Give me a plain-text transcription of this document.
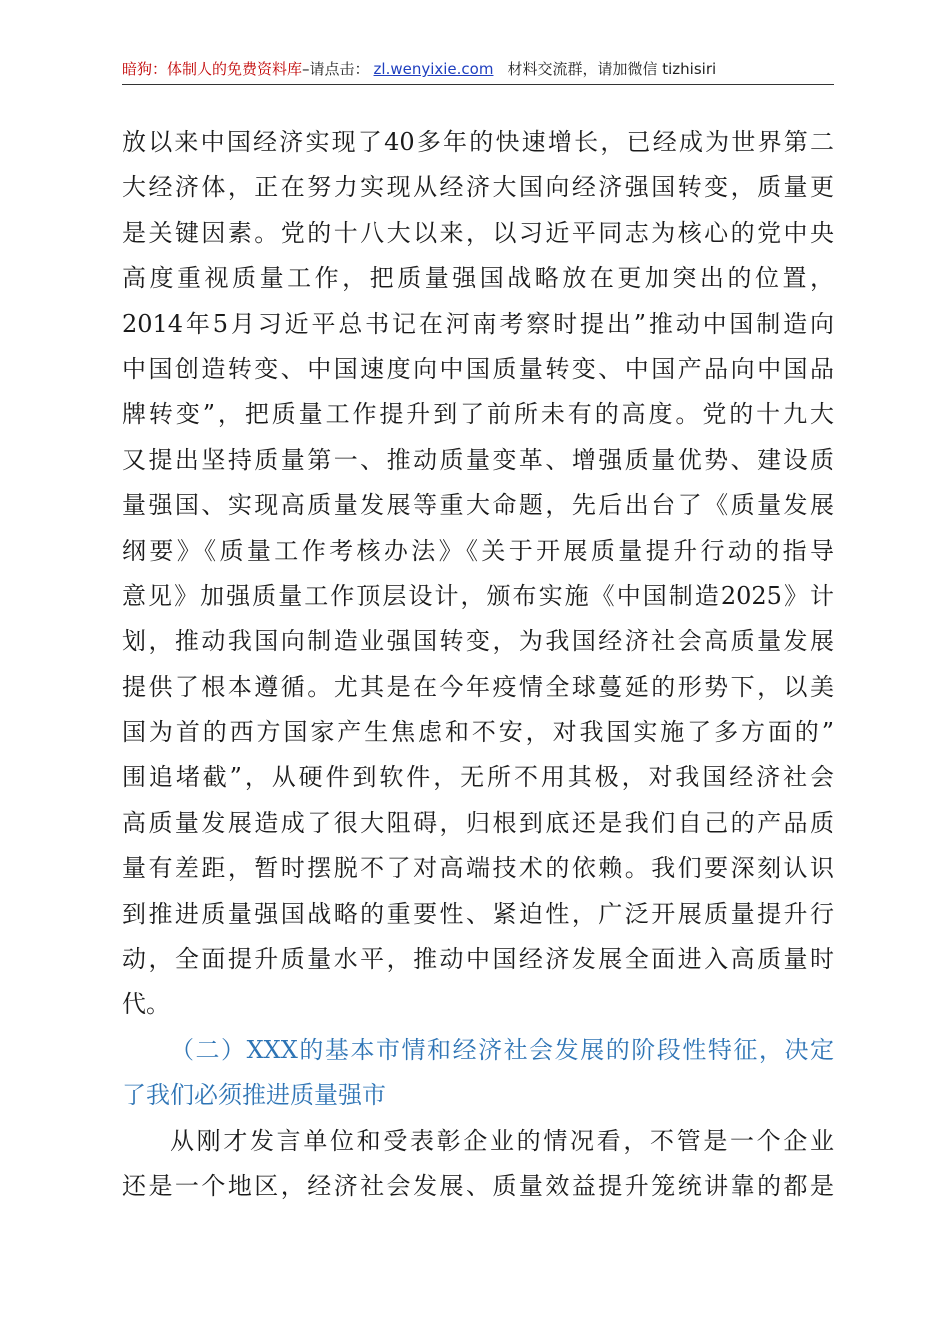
暗狗：体制人的免费资料库–请点击： zl.wenyixie.com 材料交流群，请加微信 tizhisiri
放以来中国经济实现了40多年的快速增长，已经成为世界第二
大经济体，正在努力实现从经济大国向经济强国转变，质量更
是关键因素。党的十八大以来，以习近平同志为核心的党中央
高度重视质量工作，把质量强国战略放在更加突出的位置，
2014年5月习近平总书记在河南考察时提出”推动中国制造向
中国创造转变、中国速度向中国质量转变、中国产品向中国品
牌转变”，把质量工作提升到了前所未有的高度。党的十九大
又提出坚持质量第一、推动质量变革、增强质量优势、建设质
量强国、实现高质量发展等重大命题，先后出台了《质量发展
纲要》《质量工作考核办法》《关于开展质量提升行动的指导
意见》加强质量工作顶层设计，颁布实施《中国制造2025》计
划，推动我国向制造业强国转变，为我国经济社会高质量发展
提供了根本遵循。尤其是在今年疫情全球蔓延的形势下，以美
国为首的西方国家产生焦虑和不安，对我国实施了多方面的”
围追堵截”，从硬件到软件，无所不用其极，对我国经济社会
高质量发展造成了很大阻碍，归根到底还是我们自己的产品质
量有差距，暂时摆脱不了对高端技术的依赖。我们要深刻认识
到推进质量强国战略的重要性、紧迫性，广泛开展质量提升行
动，全面提升质量水平，推动中国经济发展全面进入高质量时
代。
（二）XXX的基本市情和经济社会发展的阶段性特征，决定
了我们必须推进质量强市
从刚才发言单位和受表彰企业的情况看，不管是一个企业
还是一个地区，经济社会发展、质量效益提升笼统讲靠的都是
